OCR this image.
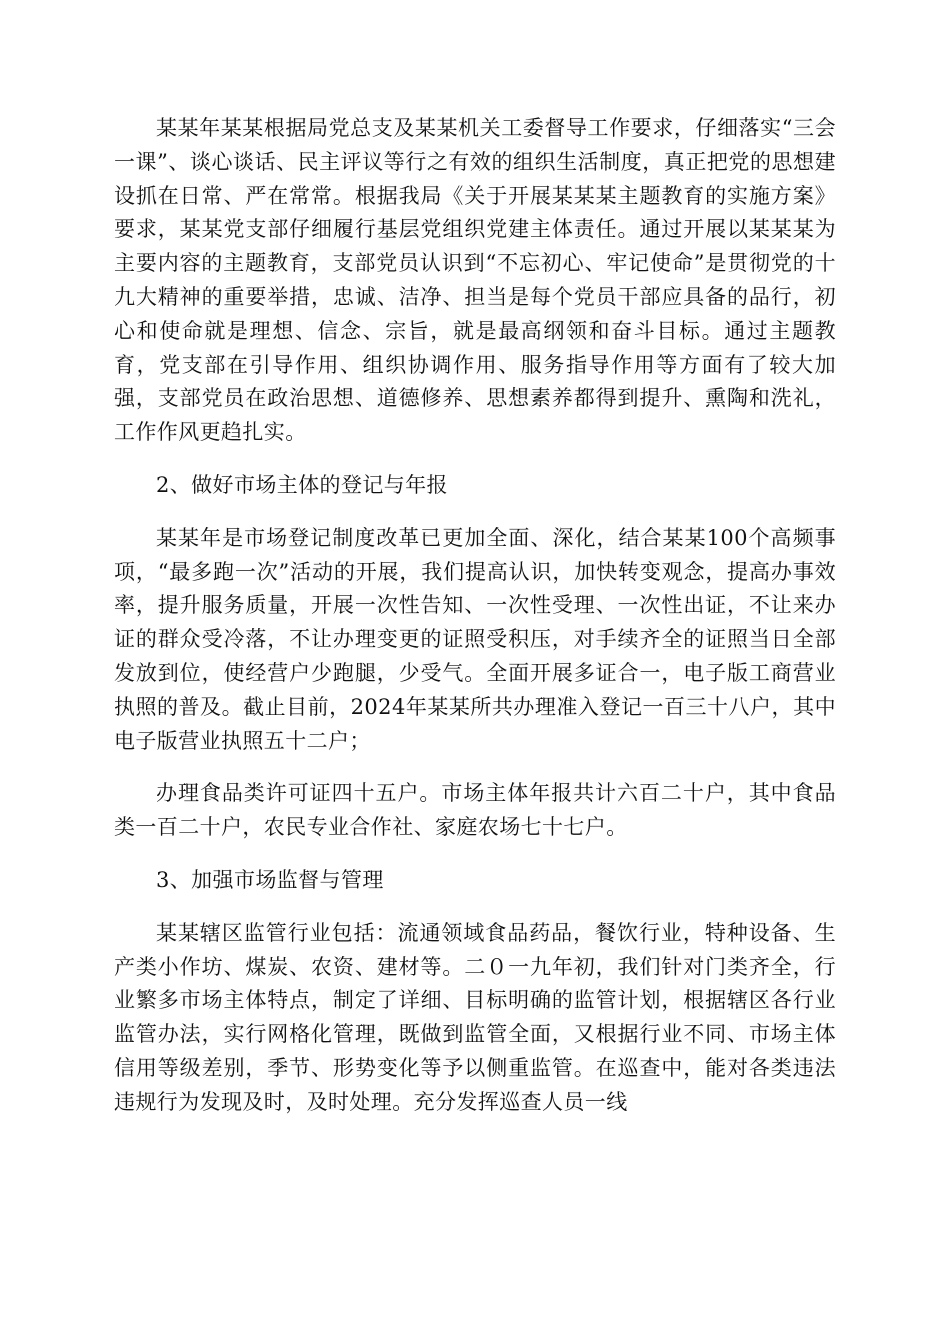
某某年某某根据局党总支及某某机关工委督导工作要求，仔细落实“三会一课”、谈心谈话、民主评议等行之有效的组织生活制度，真正把党的思想建设抓在日常、严在常常。根据我局《关于开展某某某主题教育的实施方案》要求，某某党支部仔细履行基层党组织党建主体责任。通过开展以某某某为主要内容的主题教育，支部党员认识到“不忘初心、牢记使命”是贯彻党的十九大精神的重要举措，忠诚、洁净、担当是每个党员干部应具备的品行，初心和使命就是理想、信念、宗旨，就是最高纲领和奋斗目标。通过主题教育，党支部在引导作用、组织协调作用、服务指导作用等方面有了较大加强，支部党员在政治思想、道德修养、思想素养都得到提升、熏陶和洗礼，工作作风更趋扎实。

2、做好市场主体的登记与年报

某某年是市场登记制度改革已更加全面、深化，结合某某100个高频事项，“最多跑一次”活动的开展，我们提高认识，加快转变观念，提高办事效率，提升服务质量，开展一次性告知、一次性受理、一次性出证，不让来办证的群众受冷落，不让办理变更的证照受积压，对手续齐全的证照当日全部发放到位，使经营户少跑腿，少受气。全面开展多证合一，电子版工商营业执照的普及。截止目前，2024年某某所共办理准入登记一百三十八户，其中电子版营业执照五十二户；

办理食品类许可证四十五户。市场主体年报共计六百二十户，其中食品类一百二十户，农民专业合作社、家庭农场七十七户。

3、加强市场监督与管理

某某辖区监管行业包括：流通领域食品药品，餐饮行业，特种设备、生产类小作坊、煤炭、农资、建材等。二０一九年初，我们针对门类齐全，行业繁多市场主体特点，制定了详细、目标明确的监管计划，根据辖区各行业监管办法，实行网格化管理，既做到监管全面，又根据行业不同、市场主体信用等级差别，季节、形势变化等予以侧重监管。在巡查中，能对各类违法违规行为发现及时，及时处理。充分发挥巡查人员一线
